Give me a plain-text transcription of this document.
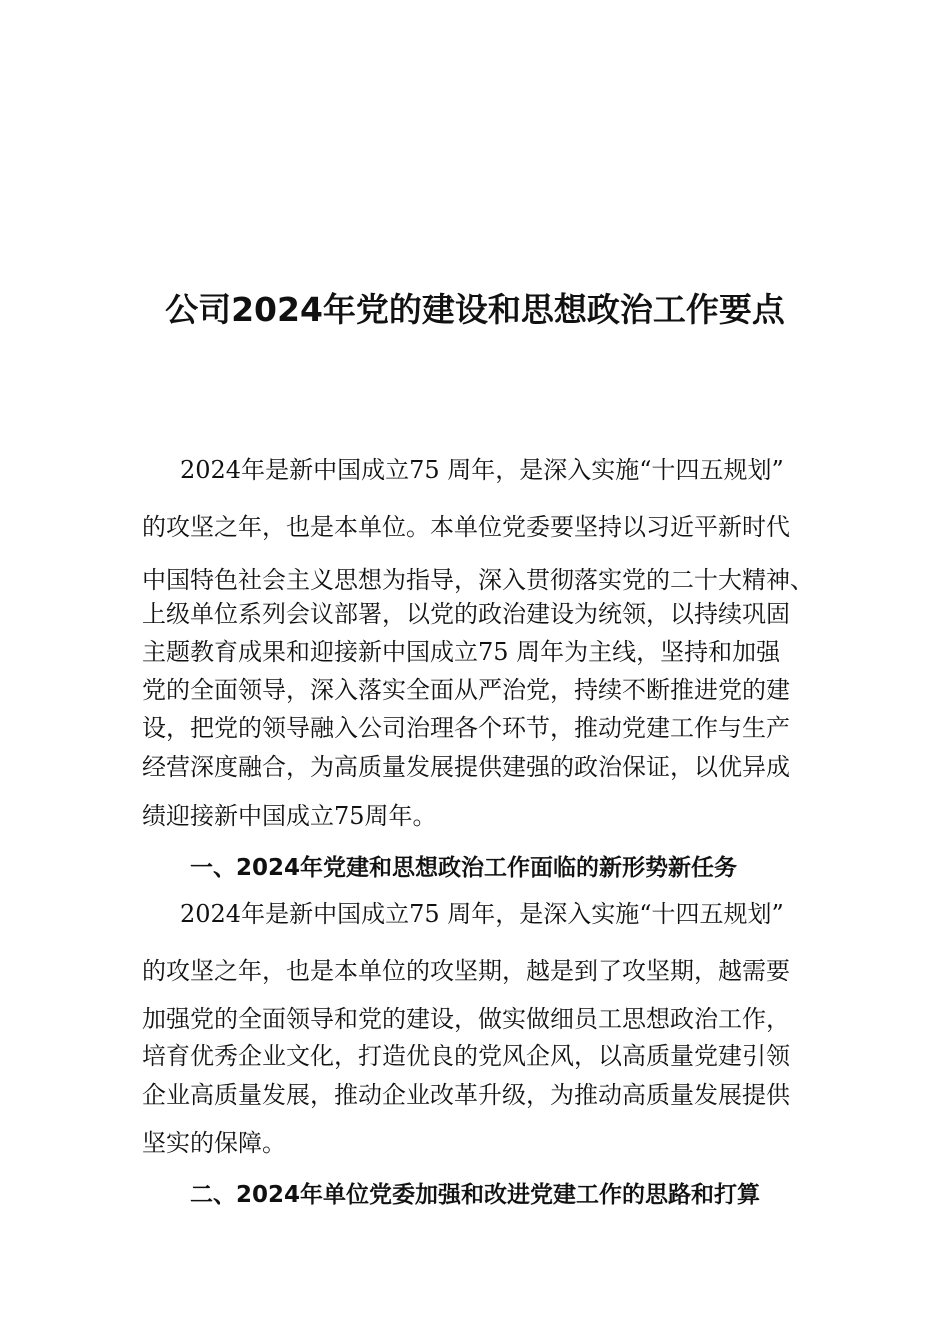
公司2024年党的建设和思想政治工作要点
2024年是新中国成立75 周年，是深入实施“十四五规划”
的攻坚之年，也是本单位。本单位党委要坚持以习近平新时代
中国特色社会主义思想为指导，深入贯彻落实党的二十大精神、
上级单位系列会议部署，以党的政治建设为统领，以持续巩固
主题教育成果和迎接新中国成立75 周年为主线，坚持和加强
党的全面领导，深入落实全面从严治党，持续不断推进党的建
设，把党的领导融入公司治理各个环节，推动党建工作与生产
经营深度融合，为高质量发展提供建强的政治保证，以优异成
绩迎接新中国成立75周年。
一、2024年党建和思想政治工作面临的新形势新任务
2024年是新中国成立75 周年，是深入实施“十四五规划”
的攻坚之年，也是本单位的攻坚期，越是到了攻坚期，越需要
加强党的全面领导和党的建设，做实做细员工思想政治工作，
培育优秀企业文化，打造优良的党风企风，以高质量党建引领
企业高质量发展，推动企业改革升级，为推动高质量发展提供
坚实的保障。
二、2024年单位党委加强和改进党建工作的思路和打算
